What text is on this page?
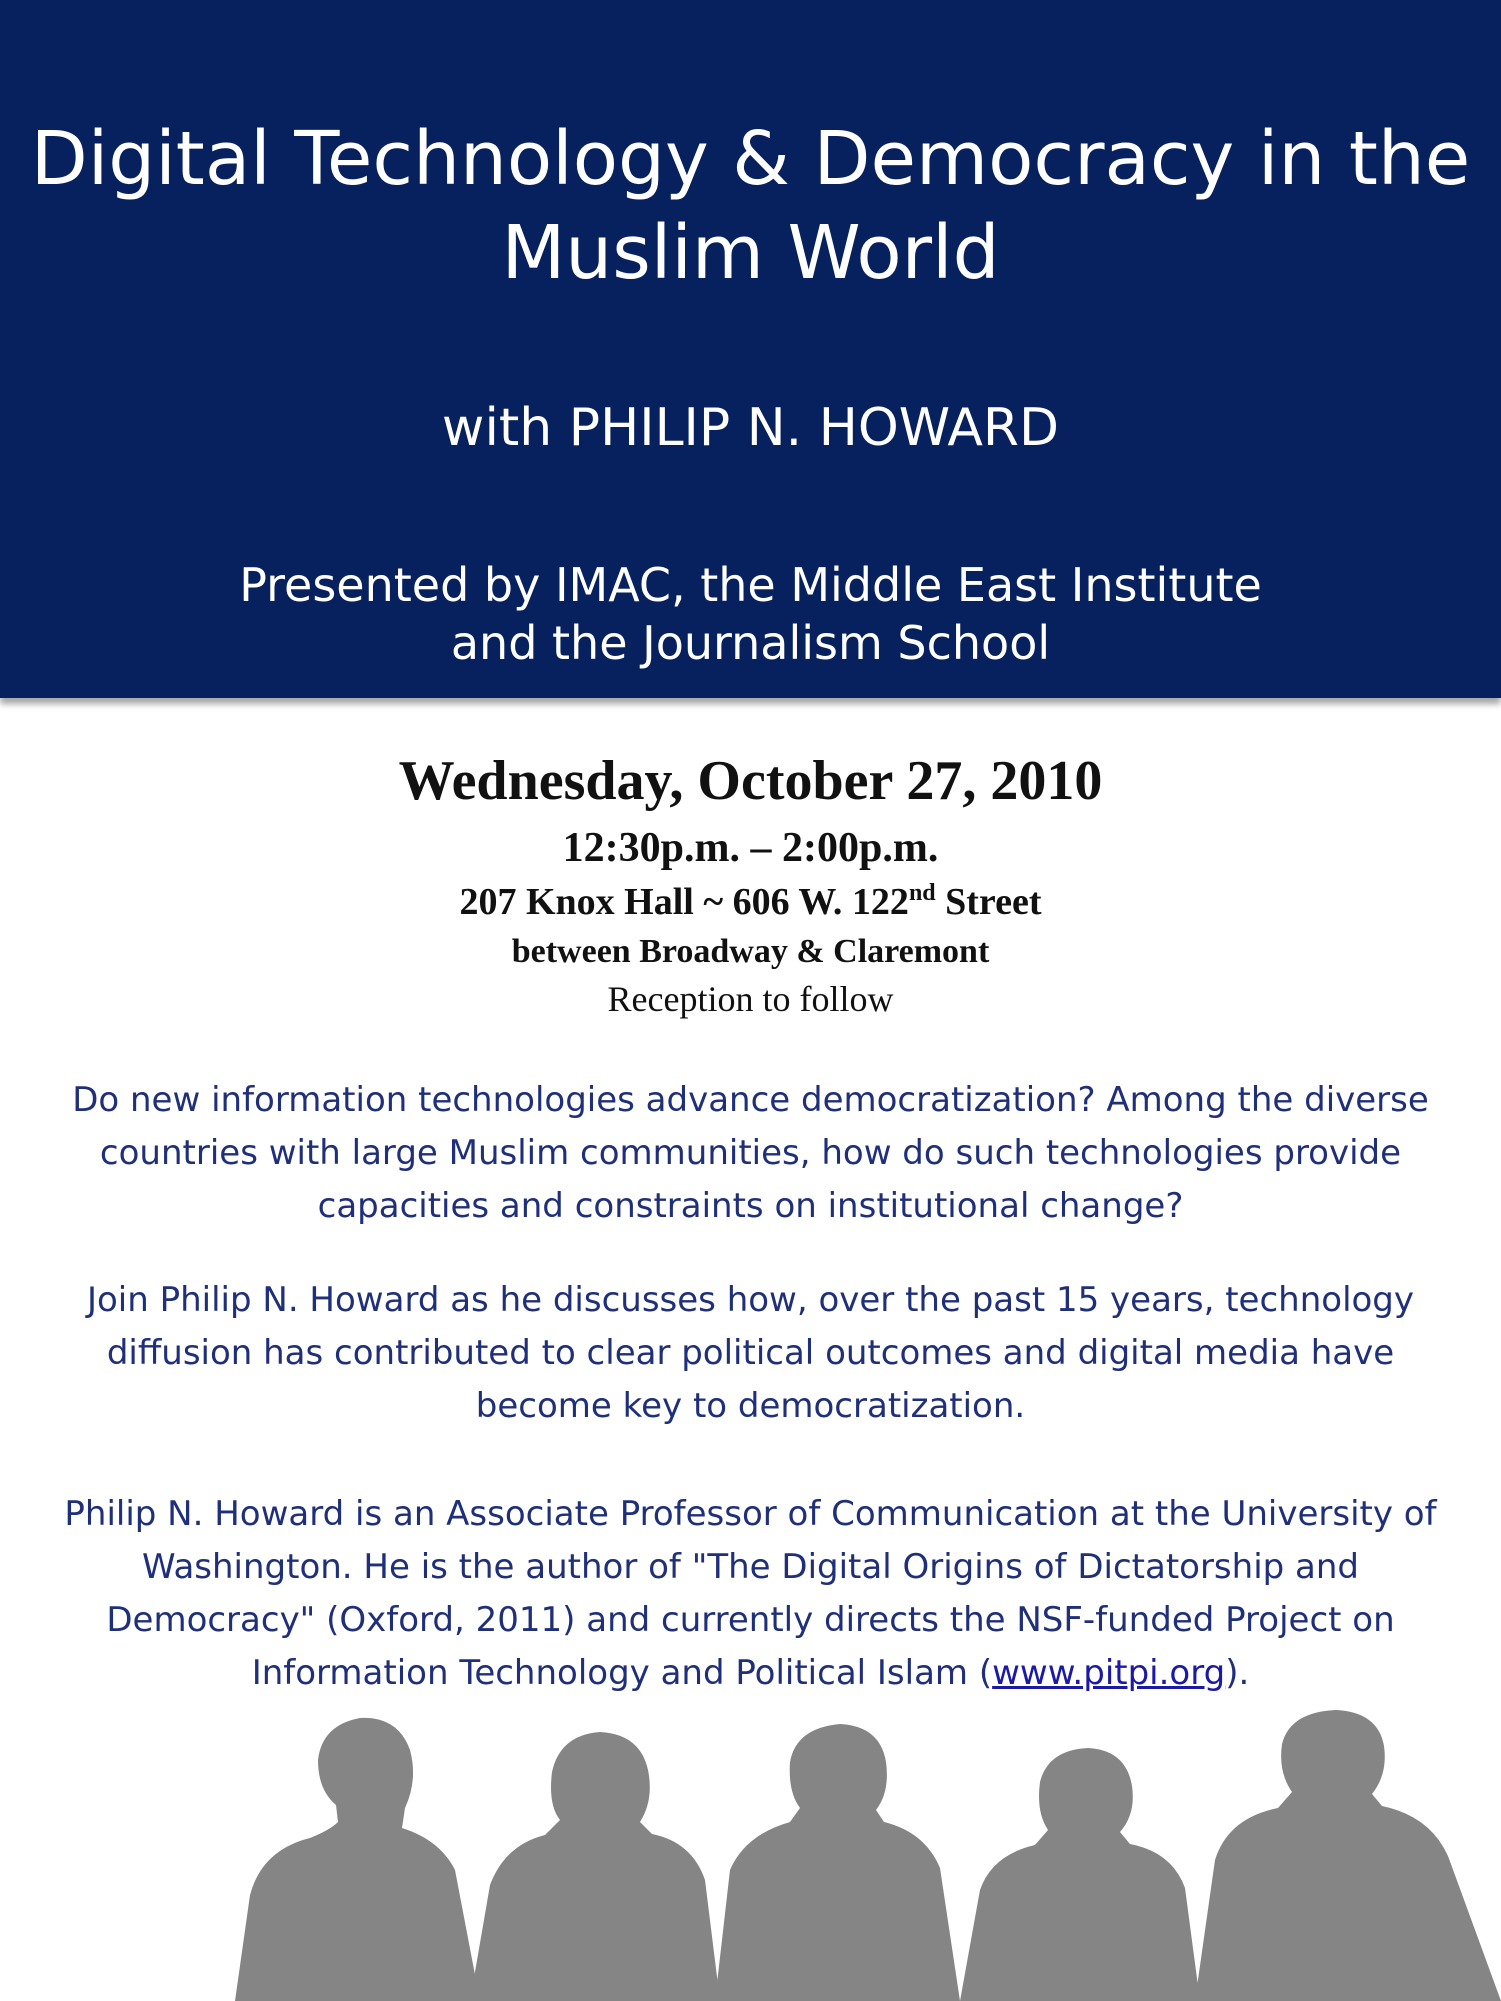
Digital Technology & Democracy in the Muslim World
with PHILIP N. HOWARD
Presented by IMAC, the Middle East Institute
and the Journalism School
Wednesday, October 27, 2010
12:30p.m. – 2:00p.m.
207 Knox Hall ~ 606 W. 122nd Street
between Broadway & Claremont
Reception to follow

Do new information technologies advance democratization? Among the diverse countries with large Muslim communities, how do such technologies provide capacities and constraints on institutional change?

Join Philip N. Howard as he discusses how, over the past 15 years, technology diffusion has contributed to clear political outcomes and digital media have become key to democratization.

Philip N. Howard is an Associate Professor of Communication at the University of Washington. He is the author of "The Digital Origins of Dictatorship and Democracy" (Oxford, 2011) and currently directs the NSF-funded Project on Information Technology and Political Islam (www.pitpi.org).
